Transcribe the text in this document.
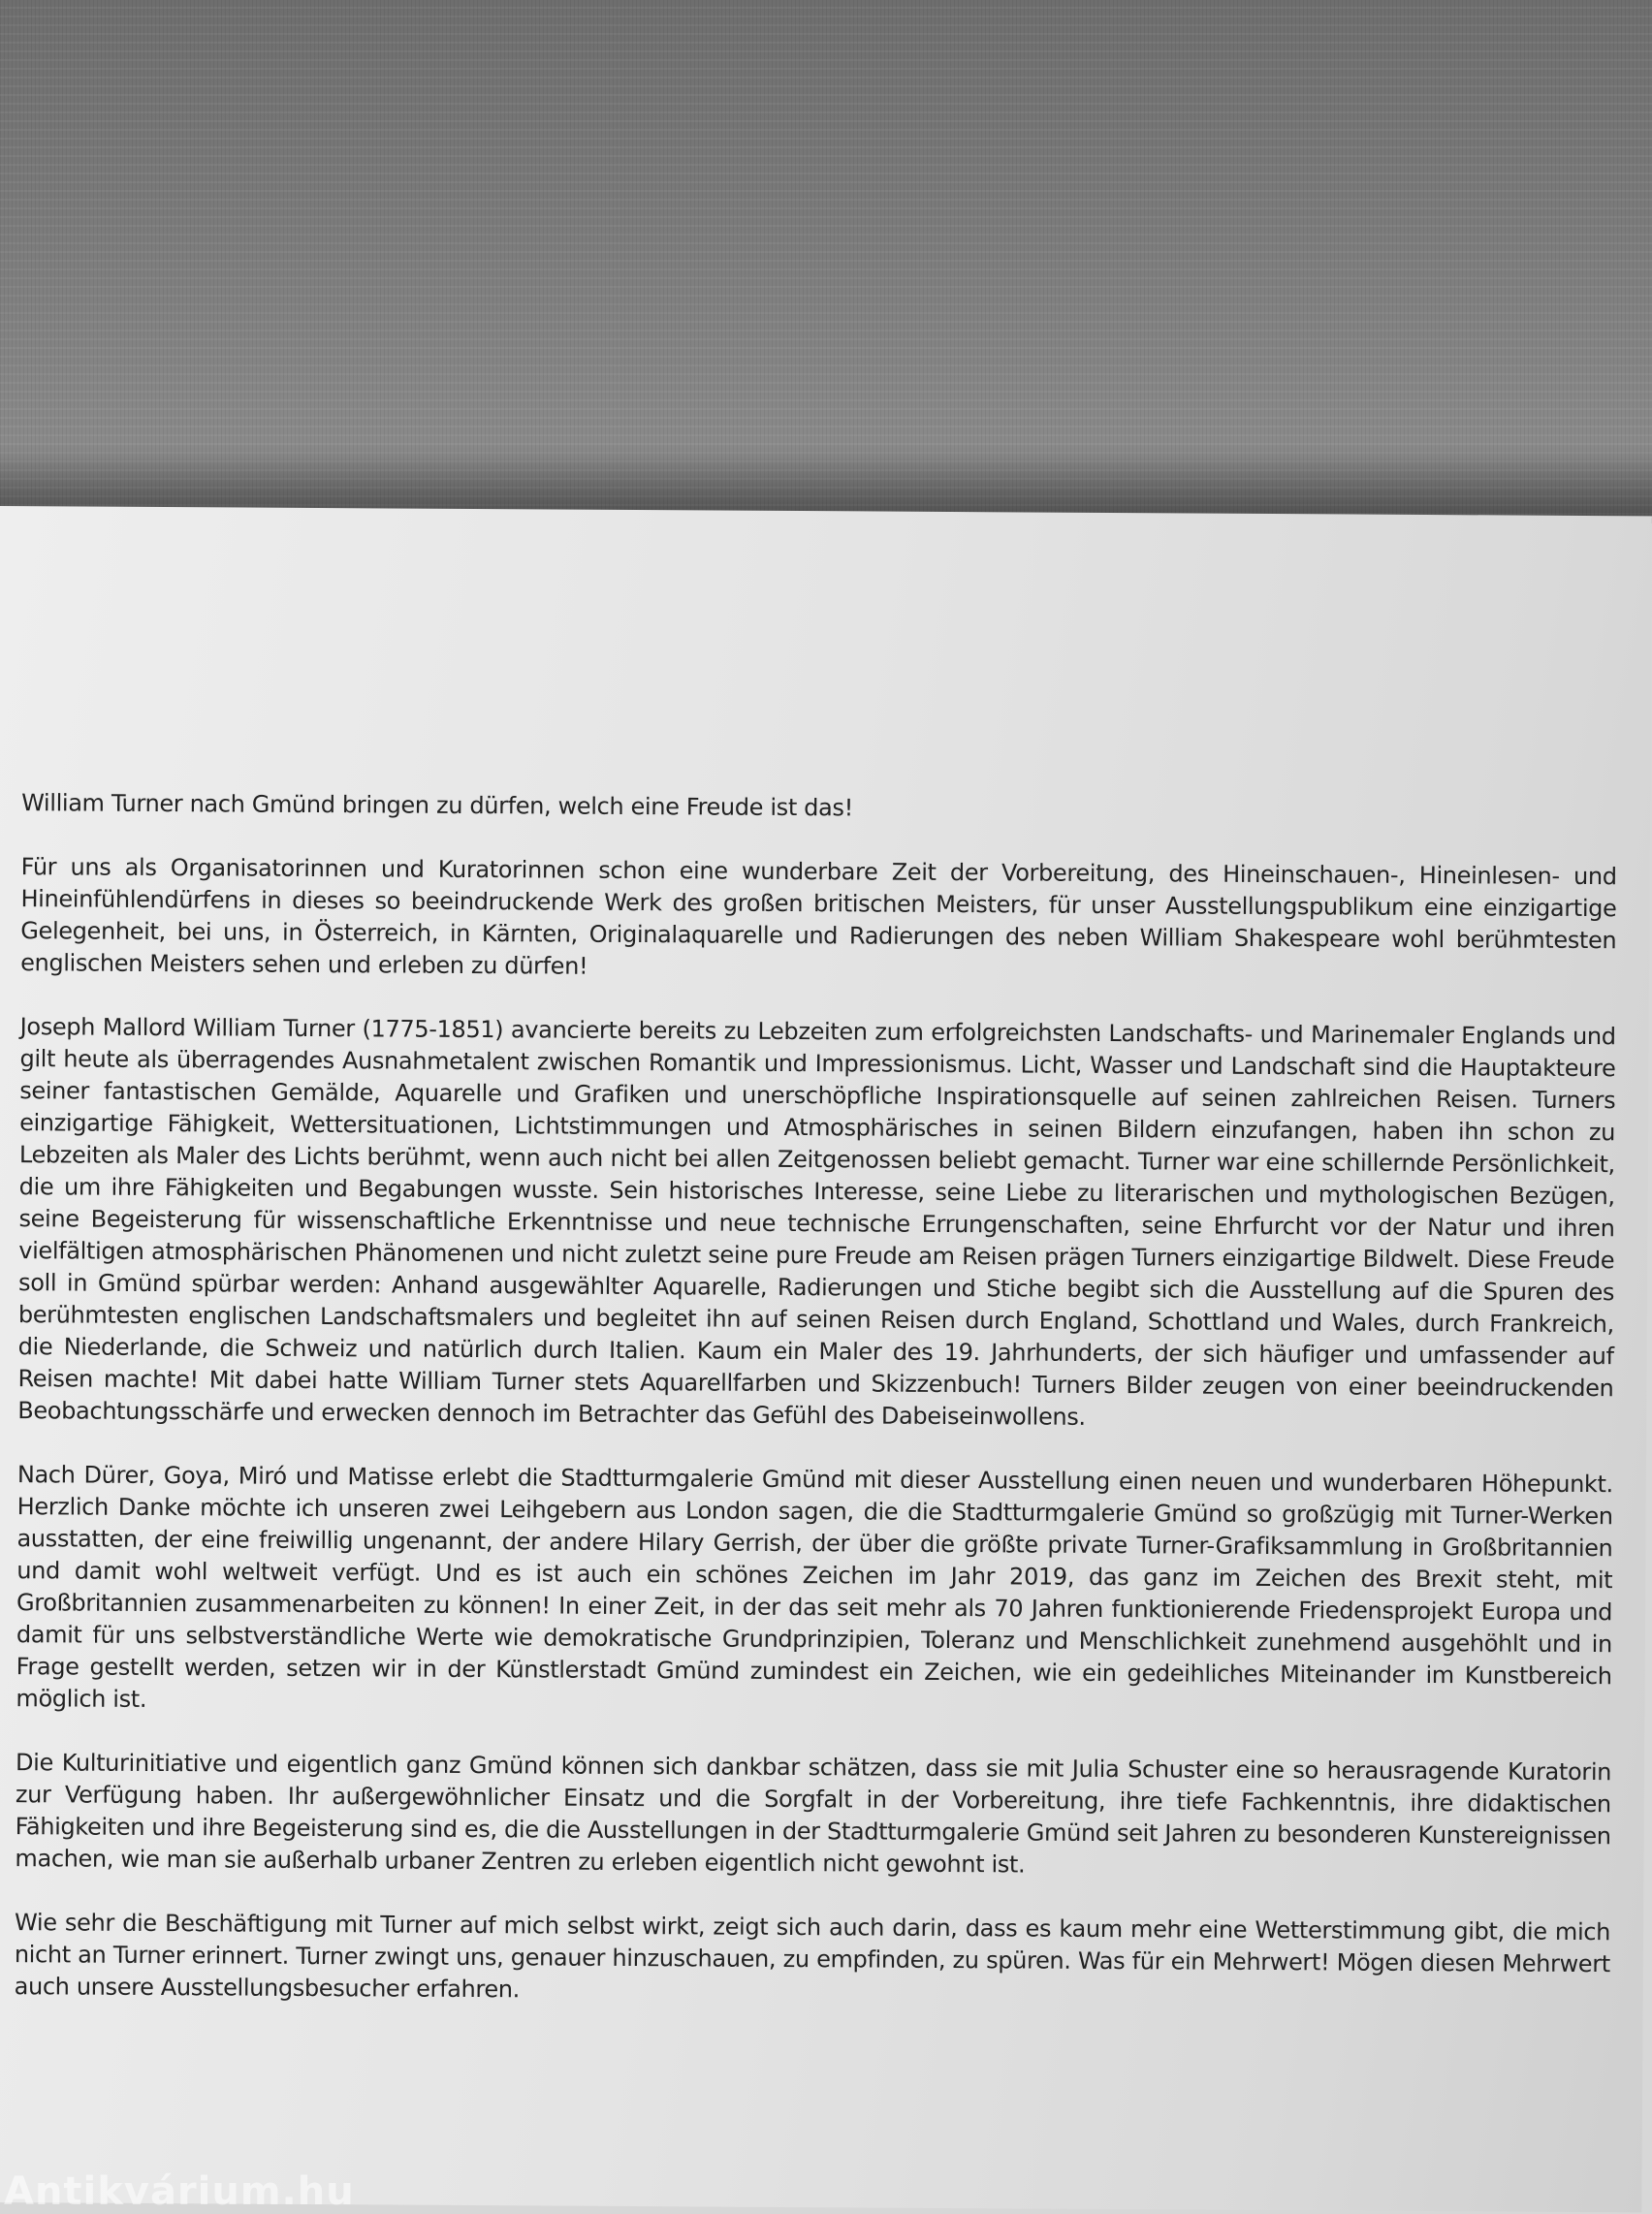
William Turner nach Gmünd bringen zu dürfen, welch eine Freude ist das!

Für uns als Organisatorinnen und Kuratorinnen schon eine wunderbare Zeit der Vorbereitung, des Hineinschauen-, Hineinlesen- und Hineinfühlendürfens in dieses so beeindruckende Werk des großen britischen Meisters, für unser Ausstellungspublikum eine einzigartige Gelegenheit, bei uns, in Österreich, in Kärnten, Originalaquarelle und Radierungen des neben William Shakespeare wohl berühmtesten englischen Meisters sehen und erleben zu dürfen!

Joseph Mallord William Turner (1775-1851) avancierte bereits zu Lebzeiten zum erfolgreichsten Landschafts- und Marinemaler Englands und gilt heute als überragendes Ausnahmetalent zwischen Romantik und Impressionismus. Licht, Wasser und Landschaft sind die Hauptakteure seiner fantastischen Gemälde, Aquarelle und Grafiken und unerschöpfliche Inspirationsquelle auf seinen zahlreichen Reisen. Turners einzigartige Fähigkeit, Wettersituationen, Lichtstimmungen und Atmosphärisches in seinen Bildern einzufangen, haben ihn schon zu Lebzeiten als Maler des Lichts berühmt, wenn auch nicht bei allen Zeitgenossen beliebt gemacht. Turner war eine schillernde Persönlichkeit, die um ihre Fähigkeiten und Begabungen wusste. Sein historisches Interesse, seine Liebe zu literarischen und mythologischen Bezügen, seine Begeisterung für wissenschaftliche Erkenntnisse und neue technische Errungenschaften, seine Ehrfurcht vor der Natur und ihren vielfältigen atmosphärischen Phänomenen und nicht zuletzt seine pure Freude am Reisen prägen Turners einzigartige Bildwelt. Diese Freude soll in Gmünd spürbar werden: Anhand ausgewählter Aquarelle, Radierungen und Stiche begibt sich die Ausstellung auf die Spuren des berühmtesten englischen Landschaftsmalers und begleitet ihn auf seinen Reisen durch England, Schottland und Wales, durch Frankreich, die Niederlande, die Schweiz und natürlich durch Italien. Kaum ein Maler des 19. Jahrhunderts, der sich häufiger und umfassender auf Reisen machte! Mit dabei hatte William Turner stets Aquarellfarben und Skizzenbuch! Turners Bilder zeugen von einer beeindruckenden Beobachtungsschärfe und erwecken dennoch im Betrachter das Gefühl des Dabeiseinwollens.

Nach Dürer, Goya, Miró und Matisse erlebt die Stadtturmgalerie Gmünd mit dieser Ausstellung einen neuen und wunderbaren Höhepunkt. Herzlich Danke möchte ich unseren zwei Leihgebern aus London sagen, die die Stadtturmgalerie Gmünd so großzügig mit Turner-Werken ausstatten, der eine freiwillig ungenannt, der andere Hilary Gerrish, der über die größte private Turner-Grafiksammlung in Großbritannien und damit wohl weltweit verfügt. Und es ist auch ein schönes Zeichen im Jahr 2019, das ganz im Zeichen des Brexit steht, mit Großbritannien zusammenarbeiten zu können! In einer Zeit, in der das seit mehr als 70 Jahren funktionierende Friedensprojekt Europa und damit für uns selbstverständliche Werte wie demokratische Grundprinzipien, Toleranz und Menschlichkeit zunehmend ausgehöhlt und in Frage gestellt werden, setzen wir in der Künstlerstadt Gmünd zumindest ein Zeichen, wie ein gedeihliches Miteinander im Kunstbereich möglich ist.

Die Kulturinitiative und eigentlich ganz Gmünd können sich dankbar schätzen, dass sie mit Julia Schuster eine so herausragende Kuratorin zur Verfügung haben. Ihr außergewöhnlicher Einsatz und die Sorgfalt in der Vorbereitung, ihre tiefe Fachkenntnis, ihre didaktischen Fähigkeiten und ihre Begeisterung sind es, die die Ausstellungen in der Stadtturmgalerie Gmünd seit Jahren zu besonderen Kunstereignissen machen, wie man sie außerhalb urbaner Zentren zu erleben eigentlich nicht gewohnt ist.

Wie sehr die Beschäftigung mit Turner auf mich selbst wirkt, zeigt sich auch darin, dass es kaum mehr eine Wetterstimmung gibt, die mich nicht an Turner erinnert. Turner zwingt uns, genauer hinzuschauen, zu empfinden, zu spüren. Was für ein Mehrwert! Mögen diesen Mehrwert auch unsere Ausstellungsbesucher erfahren.

Antikvárium.hu
